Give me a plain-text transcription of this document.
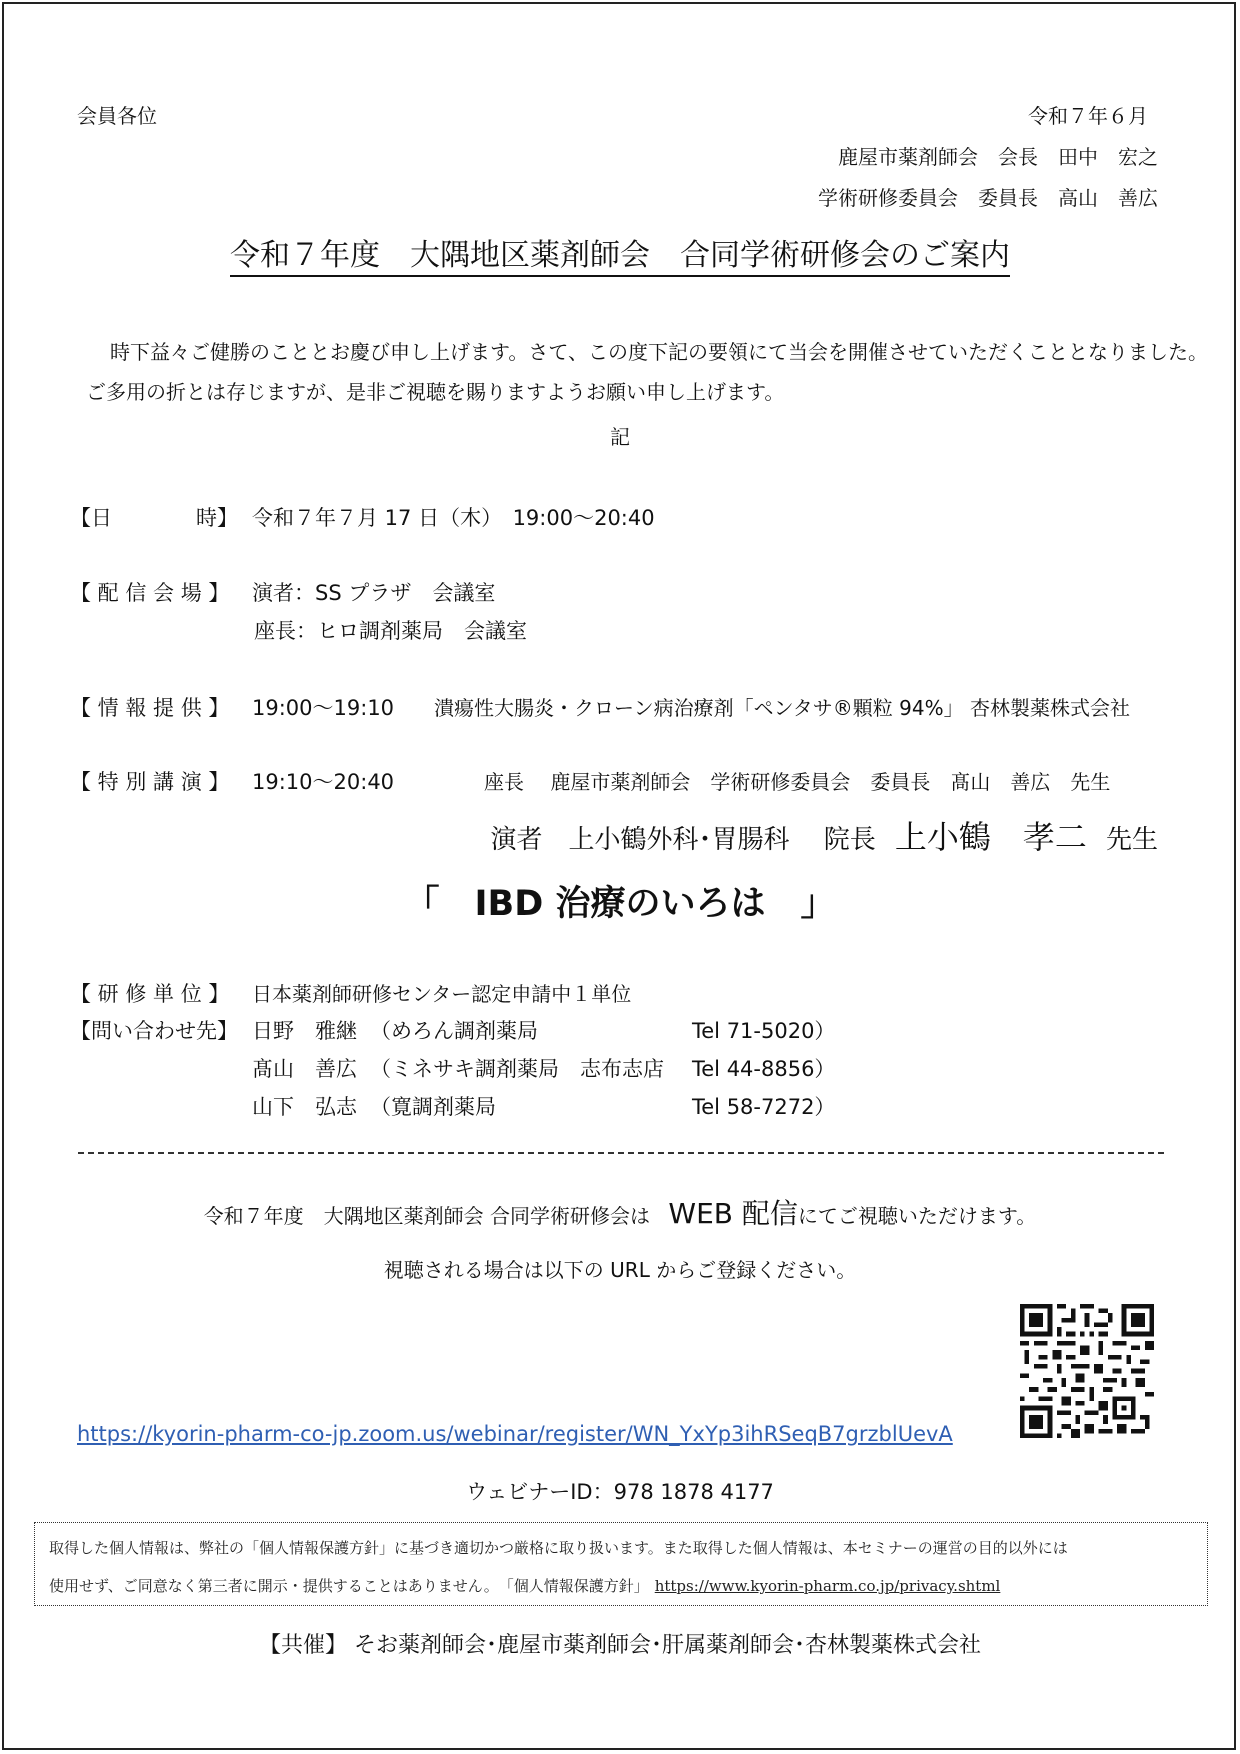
会員各位	令和７年６月
鹿屋市薬剤師会　会長　田中　宏之
学術研修委員会　委員長　高山　善広
令和７年度　大隅地区薬剤師会　合同学術研修会のご案内
時下益々ご健勝のこととお慶び申し上げます。さて、この度下記の要領にて当会を開催させていただくこととなりました。
ご多用の折とは存じますが、是非ご視聴を賜りますようお願い申し上げます。
記
【日　　　　時】 令和７年７月 17 日（木）　19:00～20:40
【 配 信 会 場 】 演者：SS プラザ　会議室
座長：ヒロ調剤薬局　会議室
【 情 報 提 供 】 19:00～19:10 潰瘍性大腸炎・クローン病治療剤「ペンタサ®顆粒 94%」 杏林製薬株式会社
【 特 別 講 演 】 19:10～20:40	座長　 鹿屋市薬剤師会　学術研修委員会　委員長　髙山　善広　先生
演者　上小鶴外科･胃腸科　 院長 上小鶴　孝二 先生
「　IBD 治療のいろは　」
【 研 修 単 位 】 日本薬剤師研修センター認定申請中１単位
【問い合わせ先】 日野　雅継 （めろん調剤薬局	Tel 71-5020）
髙山　善広 （ミネサキ調剤薬局　志布志店 Tel 44-8856）
山下　弘志 （寛調剤薬局	Tel 58-7272）
令和７年度　大隅地区薬剤師会 合同学術研修会は WEB 配信にてご視聴いただけます。
視聴される場合は以下の URL からご登録ください。
https://kyorin-pharm-co-jp.zoom.us/webinar/register/WN_YxYp3ihRSeqB7grzblUevA
ウェビナーID：978 1878 4177
取得した個人情報は、弊社の「個人情報保護方針」に基づき適切かつ厳格に取り扱います。また取得した個人情報は、本セミナーの運営の目的以外には
使用せず、ご同意なく第三者に開示・提供することはありません。　「個人情報保護方針」 https://www.kyorin-pharm.co.jp/privacy.shtml
【共催】 そお薬剤師会･鹿屋市薬剤師会･肝属薬剤師会･杏林製薬株式会社
